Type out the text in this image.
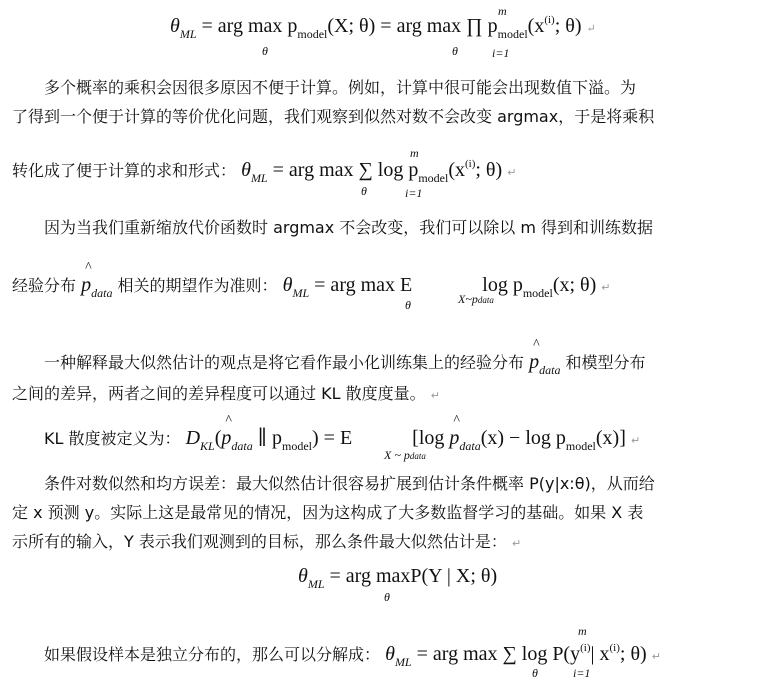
$\theta_{ML}$ = arg $\max p_{model}(X$; θ) = arg max ∏ $p_{model}(x^{(i)}$; θ) ↵
θ	θ
m
i=1
多个概率的乘积会因很多原因不便于计算。例如，计算中很可能会出现数值下溢。为
了得到一个便于计算的等价优化问题，我们观察到似然对数不会改变 argmax，于是将乘积
转化成了便于计算的求和形式： $\theta_{ML}$ = arg max ∑ $\log p_{model}(x^{(i)}$; θ) ↵
θ
m
i=1
因为当我们重新缩放代价函数时 argmax 不会改变，我们可以除以 m 得到和训练数据
经验分布
^
$p_{data}$ 相关的期望作为准则： $\theta_{ML}$ = arg max E	$\log p_{model}(x$; θ) ↵
θ	X~pdata
一种解释最大似然估计的观点是将它看作最小化训练集上的经验分布
^
$p_{data}$ 和模型分布
之间的差异，两者之间的差异程度可以通过 KL 散度度量。 ↵
KL 散度被定义为： $D_{KL}$(
^
$p_{data}$ ∥ $p_{model}) = E$	[log
^
$p_{data}(x) - \log p_{model}(x)$] ↵
X ~ pdata
条件对数似然和均方误差：最大似然估计很容易扩展到估计条件概率 P(y|x:θ)，从而给
定 x 预测 y。实际上这是最常见的情况，因为这构成了大多数监督学习的基础。如果 X 表
示所有的输入，Y 表示我们观测到的目标，那么条件最大似然估计是： ↵
$\theta_{ML}$ = arg maxP(Y | X; θ)
θ
如果假设样本是独立分布的，那么可以分解成： $\theta_{ML}$ = arg max ∑ $\log P(y^{(i)}|$ $x^{(i)}$; θ) ↵
θ
m
i=1
